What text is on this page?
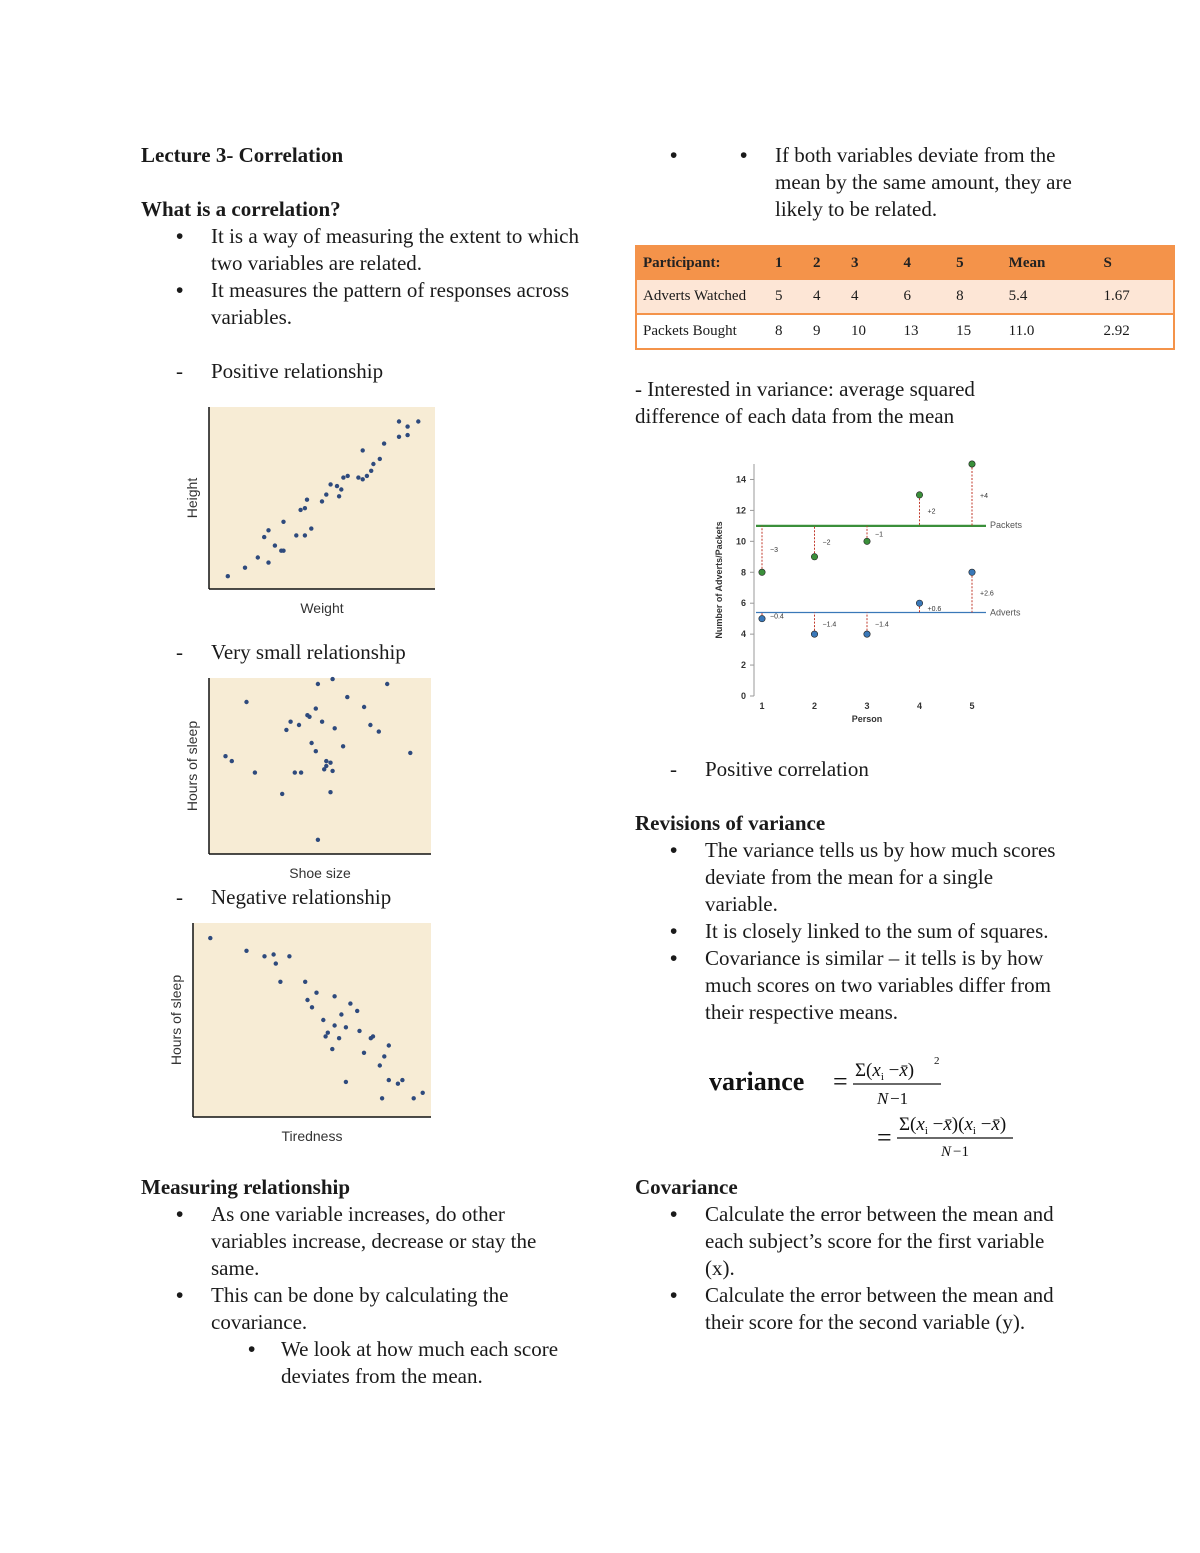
Lecture 3- Correlation

What is a correlation?

• It is a way of measuring the extent to which two variables are related.
• It measures the pattern of responses across variables.
- Positive relationship
Weight
Height
- Very small relationship
Shoe size
Hours of sleep
- Negative relationship
Tiredness
Hours of sleep

Measuring relationship

• As one variable increases, do other variables increase, decrease or stay the same.
• This can be done by calculating the covariance.
• We look at how much each score deviates from the mean.
• • If both variables deviate from the mean by the same amount, they are likely to be related.
Participant:	1	2	3	4	5	Mean	S
Adverts Watched	5	4	4	6	8	5.4	1.67
Packets Bought	8	9	10	13	15	11.0	2.92

- Interested in variance: average squared difference of each data from the mean

0
2
4
6
8
10
12
14
1	2	3	4	5
Person
Number of Adverts/Packets	Packets
−3
−2
−1
+2
+4
Adverts
−0.4
−1.4	−1.4
+0.6
+2.6
- Positive correlation

Revisions of variance

• The variance tells us by how much scores deviate from the mean for a single variable.
• It is closely linked to the sum of squares.
• Covariance is similar – it tells is by how much scores on two variables differ from their respective means.
variance = $\Sigma(x_i$ −x̄) 2
N −1
= $\Sigma(x_i$ $-x̄)(x_i$ −x̄)
N −1

Covariance

• Calculate the error between the mean and each subject’s score for the first variable (x).
• Calculate the error between the mean and their score for the second variable (y).
